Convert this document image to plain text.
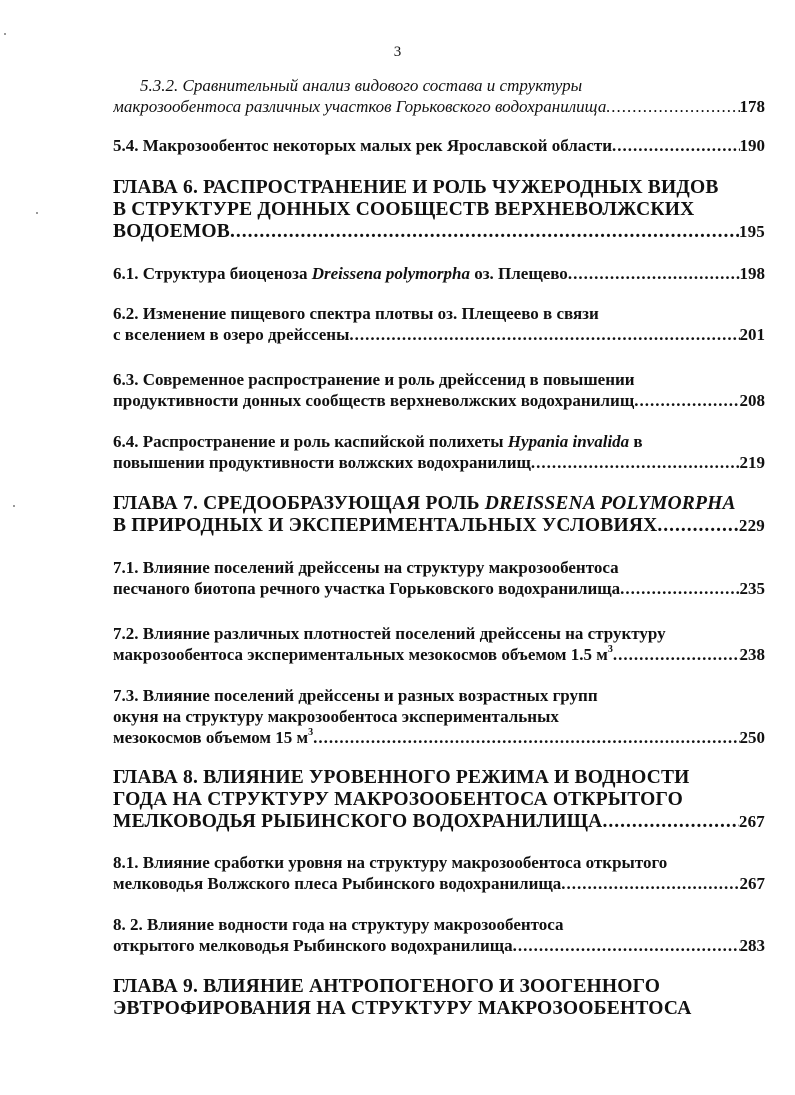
3
5.3.2. Сравнительный анализ видового состава и структуры
макрозообентоса различных участков Горьковского водохранилища .....	178
5.4. Макрозообентос некоторых малых рек Ярославской области .....	190
ГЛАВА 6. РАСПРОСТРАНЕНИЕ И РОЛЬ ЧУЖЕРОДНЫХ ВИДОВ
В СТРУКТУРЕ ДОННЫХ СООБЩЕСТВ ВЕРХНЕВОЛЖСКИХ
ВОДОЕМОВ .....	195
6.1. Структура биоценоза Dreissena polymorpha оз. Плещево .....	198
6.2. Изменение пищевого спектра плотвы оз. Плещеево в связи
с вселением в озеро дрейссены .....	201
6.3. Современное распространение и роль дрейссенид в повышении
продуктивности донных сообществ верхневолжских водохранилищ .....	208
6.4. Распространение и роль каспийской полихеты Hypania invalida в
повышении продуктивности волжских водохранилищ .....	219
ГЛАВА 7. СРЕДООБРАЗУЮЩАЯ РОЛЬ DREISSENA POLYMORPHA
В ПРИРОДНЫХ И ЭКСПЕРИМЕНТАЛЬНЫХ УСЛОВИЯХ .....	229
7.1. Влияние поселений дрейссены на структуру макрозообентоса
песчаного биотопа речного участка Горьковского водохранилища .....	235
7.2. Влияние различных плотностей поселений дрейссены на структуру
макрозообентоса экспериментальных мезокосмов объемом 1.5 $м^3$ .....	238
7.3. Влияние поселений дрейссены и разных возрастных групп
окуня на структуру макрозообентоса экспериментальных
мезокосмов объемом 15 $м^3$ .....	250
ГЛАВА 8. ВЛИЯНИЕ УРОВЕННОГО РЕЖИМА И ВОДНОСТИ
ГОДА НА СТРУКТУРУ МАКРОЗООБЕНТОСА ОТКРЫТОГО
МЕЛКОВОДЬЯ РЫБИНСКОГО ВОДОХРАНИЛИЩА .....	267
8.1. Влияние сработки уровня на структуру макрозообентоса открытого
мелководья Волжского плеса Рыбинского водохранилища .....	267
8. 2. Влияние водности года на структуру макрозообентоса
открытого мелководья Рыбинского водохранилища .....	283
ГЛАВА 9. ВЛИЯНИЕ АНТРОПОГЕНОГО И ЗООГЕННОГО
ЭВТРОФИРОВАНИЯ НА СТРУКТУРУ МАКРОЗООБЕНТОСА
